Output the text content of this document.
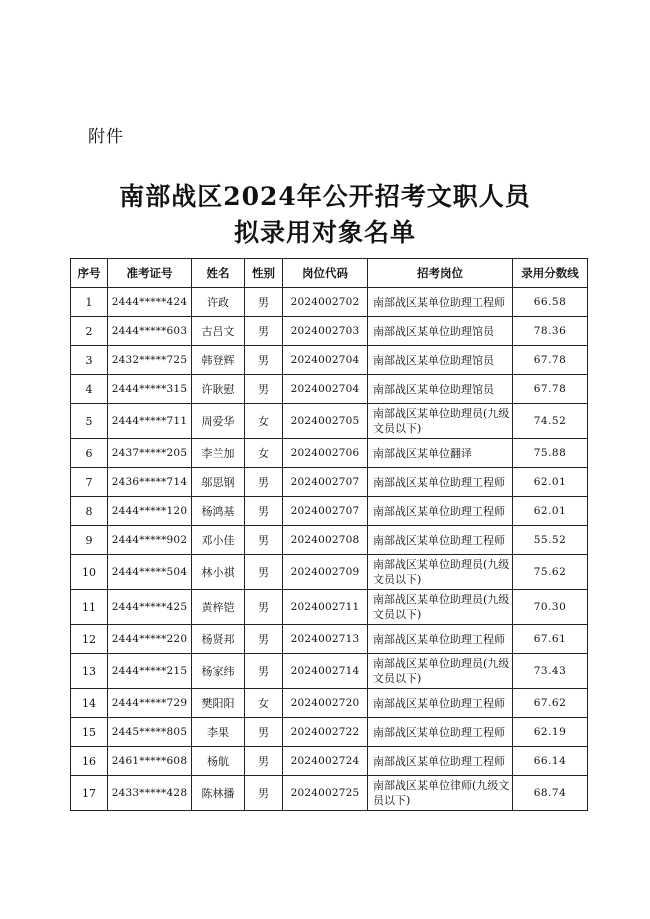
附件
南部战区2024年公开招考文职人员
拟录用对象名单
序号	准考证号	姓名	性别	岗位代码	招考岗位	录用分数线
1	2444*****424	许政	男	2024002702	南部战区某单位助理工程师	66.58
2	2444*****603	古吕文	男	2024002703	南部战区某单位助理馆员	78.36
3	2432*****725	韩登辉	男	2024002704	南部战区某单位助理馆员	67.78
4	2444*****315	许耿慰	男	2024002704	南部战区某单位助理馆员	67.78
5	2444*****711	周爱华	女	2024002705	南部战区某单位助理员(九级文员以下)	74.52
6	2437*****205	李兰加	女	2024002706	南部战区某单位翻译	75.88
7	2436*****714	邬思钢	男	2024002707	南部战区某单位助理工程师	62.01
8	2444*****120	杨鸿基	男	2024002707	南部战区某单位助理工程师	62.01
9	2444*****902	邓小佳	男	2024002708	南部战区某单位助理工程师	55.52
10	2444*****504	林小祺	男	2024002709	南部战区某单位助理员(九级文员以下)	75.62
11	2444*****425	黄梓铠	男	2024002711	南部战区某单位助理员(九级文员以下)	70.30
12	2444*****220	杨贤邦	男	2024002713	南部战区某单位助理工程师	67.61
13	2444*****215	杨家纬	男	2024002714	南部战区某单位助理员(九级文员以下)	73.43
14	2444*****729	樊阳阳	女	2024002720	南部战区某单位助理工程师	67.62
15	2445*****805	李果	男	2024002722	南部战区某单位助理工程师	62.19
16	2461*****608	杨航	男	2024002724	南部战区某单位助理工程师	66.14
17	2433*****428	陈林播	男	2024002725	南部战区某单位律师(九级文员以下)	68.74
